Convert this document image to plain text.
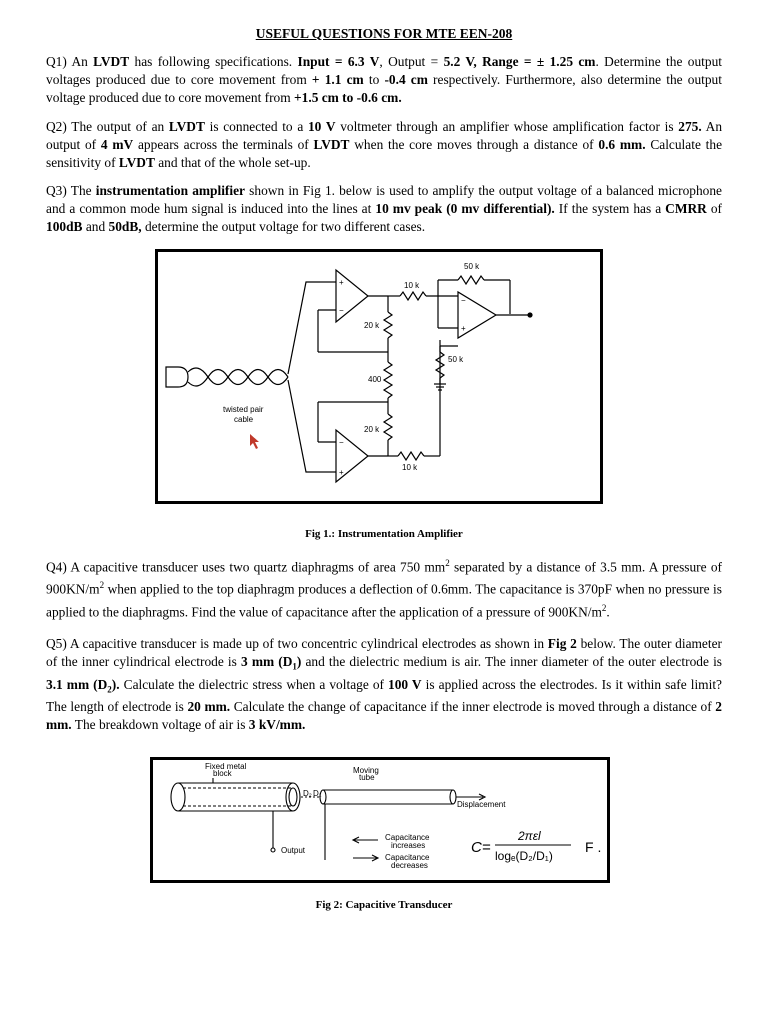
USEFUL QUESTIONS FOR MTE EEN-208
Q1) An LVDT has following specifications. Input = 6.3 V, Output = 5.2 V, Range = ± 1.25 cm. Determine the output voltages produced due to core movement from + 1.1 cm to -0.4 cm respectively. Furthermore, also determine the output voltage produced due to core movement from +1.5 cm to -0.6 cm.
Q2) The output of an LVDT is connected to a 10 V voltmeter through an amplifier whose amplification factor is 275. An output of 4 mV appears across the terminals of LVDT when the core moves through a distance of 0.6 mm. Calculate the sensitivity of LVDT and that of the whole set-up.
Q3) The instrumentation amplifier shown in Fig 1. below is used to amplify the output voltage of a balanced microphone and a common mode hum signal is induced into the lines at 10 mv peak (0 mv differential). If the system has a CMRR of 100dB and 50dB, determine the output voltage for two different cases.
50 k
10 k
20 k
400
50 k
20 k
10 k
twisted pair
cable
+
−
−
+
+
−
Fig 1.: Instrumentation Amplifier
Q4) A capacitive transducer uses two quartz diaphragms of area 750 $mm^2$ separated by a distance of 3.5 mm. A pressure of $900KN/m^2$ when applied to the top diaphragm produces a deflection of 0.6mm. The capacitance is 370pF when no pressure is applied to the diaphragms. Find the value of capacitance after the application of a pressure of $900KN/m^2$.
Q5) A capacitive transducer is made up of two concentric cylindrical electrodes as shown in Fig 2 below. The outer diameter of the inner cylindrical electrode is 3 mm $(D_1)$ and the dielectric medium is air. The inner diameter of the outer electrode is 3.1 mm $(D_2)$. Calculate the dielectric stress when a voltage of 100 V is applied across the electrodes. Is it within safe limit? The length of electrode is 20 mm. Calculate the change of capacitance if the inner electrode is moved through a distance of 2 mm. The breakdown voltage of air is 3 kV/mm.
Fixed metal
block	Moving
tube
D₂ D₁
Displacement
Output
Capacitance
increases
Capacitance
decreases
C=
2πεl
logₑ(D₂/D₁)
F .
Fig 2: Capacitive Transducer
